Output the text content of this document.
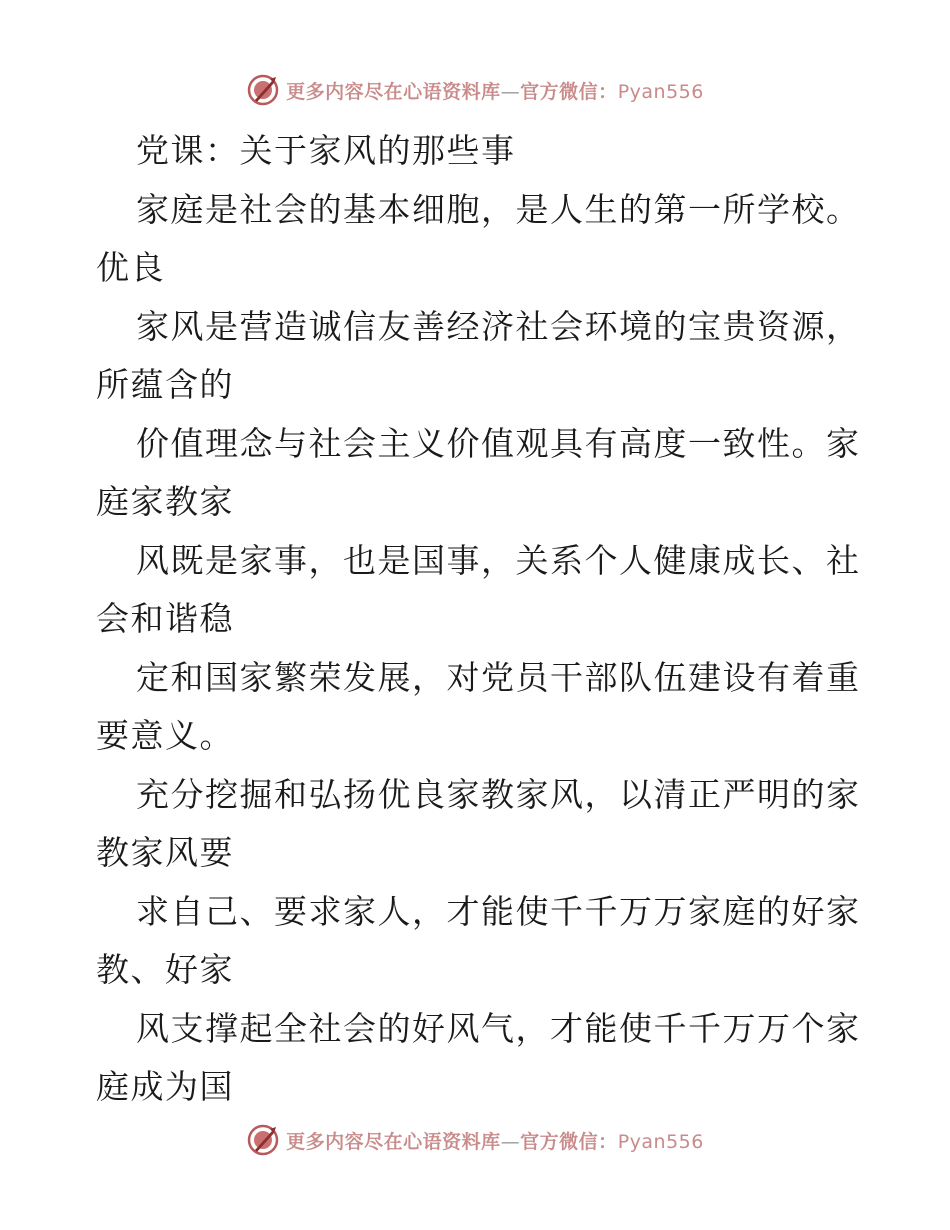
更多内容尽在心语资料库—官方微信：Pyan556
党课：关于家风的那些事
家庭是社会的基本细胞，是人生的第一所学校。
优良
家风是营造诚信友善经济社会环境的宝贵资源，
所蕴含的
价值理念与社会主义价值观具有高度一致性。家
庭家教家
风既是家事，也是国事，关系个人健康成长、社
会和谐稳
定和国家繁荣发展，对党员干部队伍建设有着重
要意义。
充分挖掘和弘扬优良家教家风，以清正严明的家
教家风要
求自己、要求家人，才能使千千万万家庭的好家
教、好家
风支撑起全社会的好风气，才能使千千万万个家
庭成为国
更多内容尽在心语资料库—官方微信：Pyan556
